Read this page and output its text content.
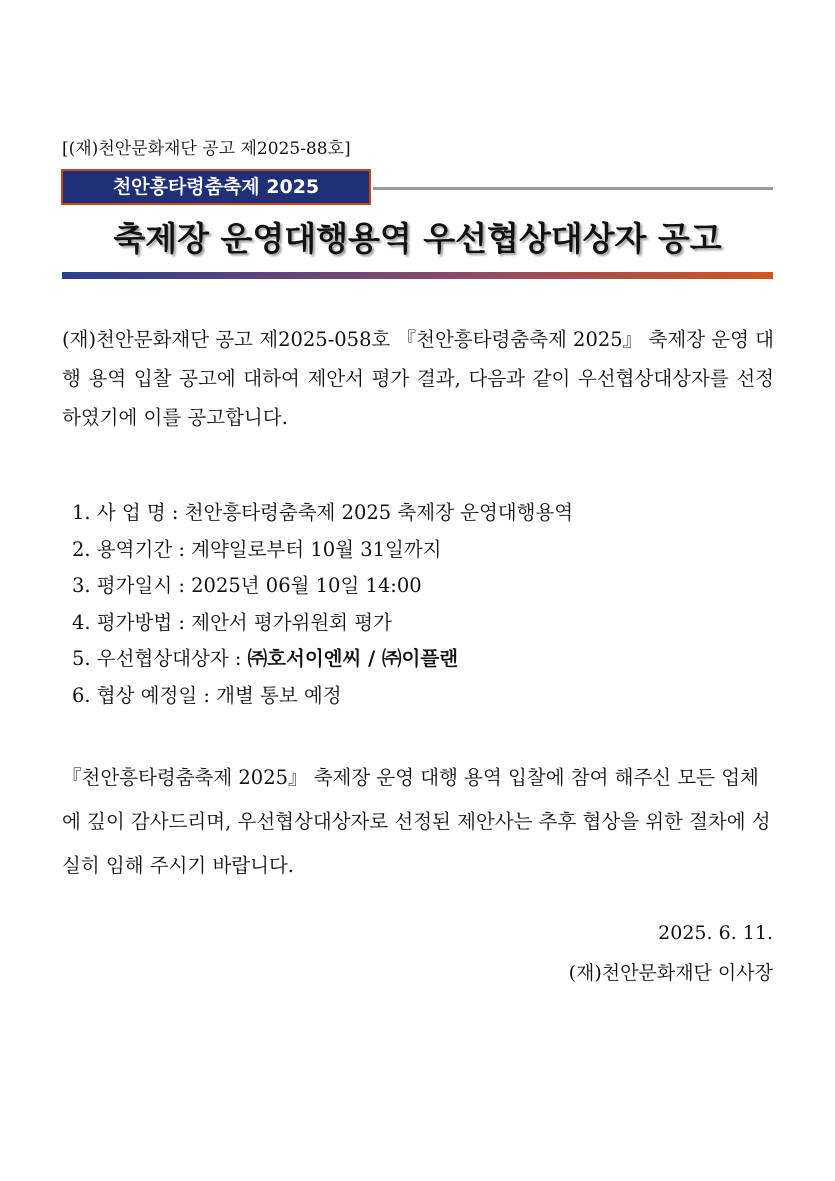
[(재)천안문화재단 공고 제2025-88호]
천안흥타령춤축제 2025
축제장 운영대행용역 우선협상대상자 공고

(재)천안문화재단 공고 제2025-058호 『천안흥타령춤축제 2025』 축제장 운영 대행 용역 입찰 공고에 대하여 제안서 평가 결과, 다음과 같이 우선협상대상자를 선정하였기에 이를 공고합니다.

1. 사 업 명 : 천안흥타령춤축제 2025 축제장 운영대행용역
2. 용역기간 : 계약일로부터 10월 31일까지
3. 평가일시 : 2025년 06월 10일 14:00
4. 평가방법 : 제안서 평가위원회 평가
5. 우선협상대상자 : ㈜호서이엔씨 / ㈜이플랜
6. 협상 예정일 : 개별 통보 예정

『천안흥타령춤축제 2025』 축제장 운영 대행 용역 입찰에 참여 해주신 모든 업체에 깊이 감사드리며, 우선협상대상자로 선정된 제안사는 추후 협상을 위한 절차에 성실히 임해 주시기 바랍니다.

2025. 6. 11.
(재)천안문화재단 이사장
